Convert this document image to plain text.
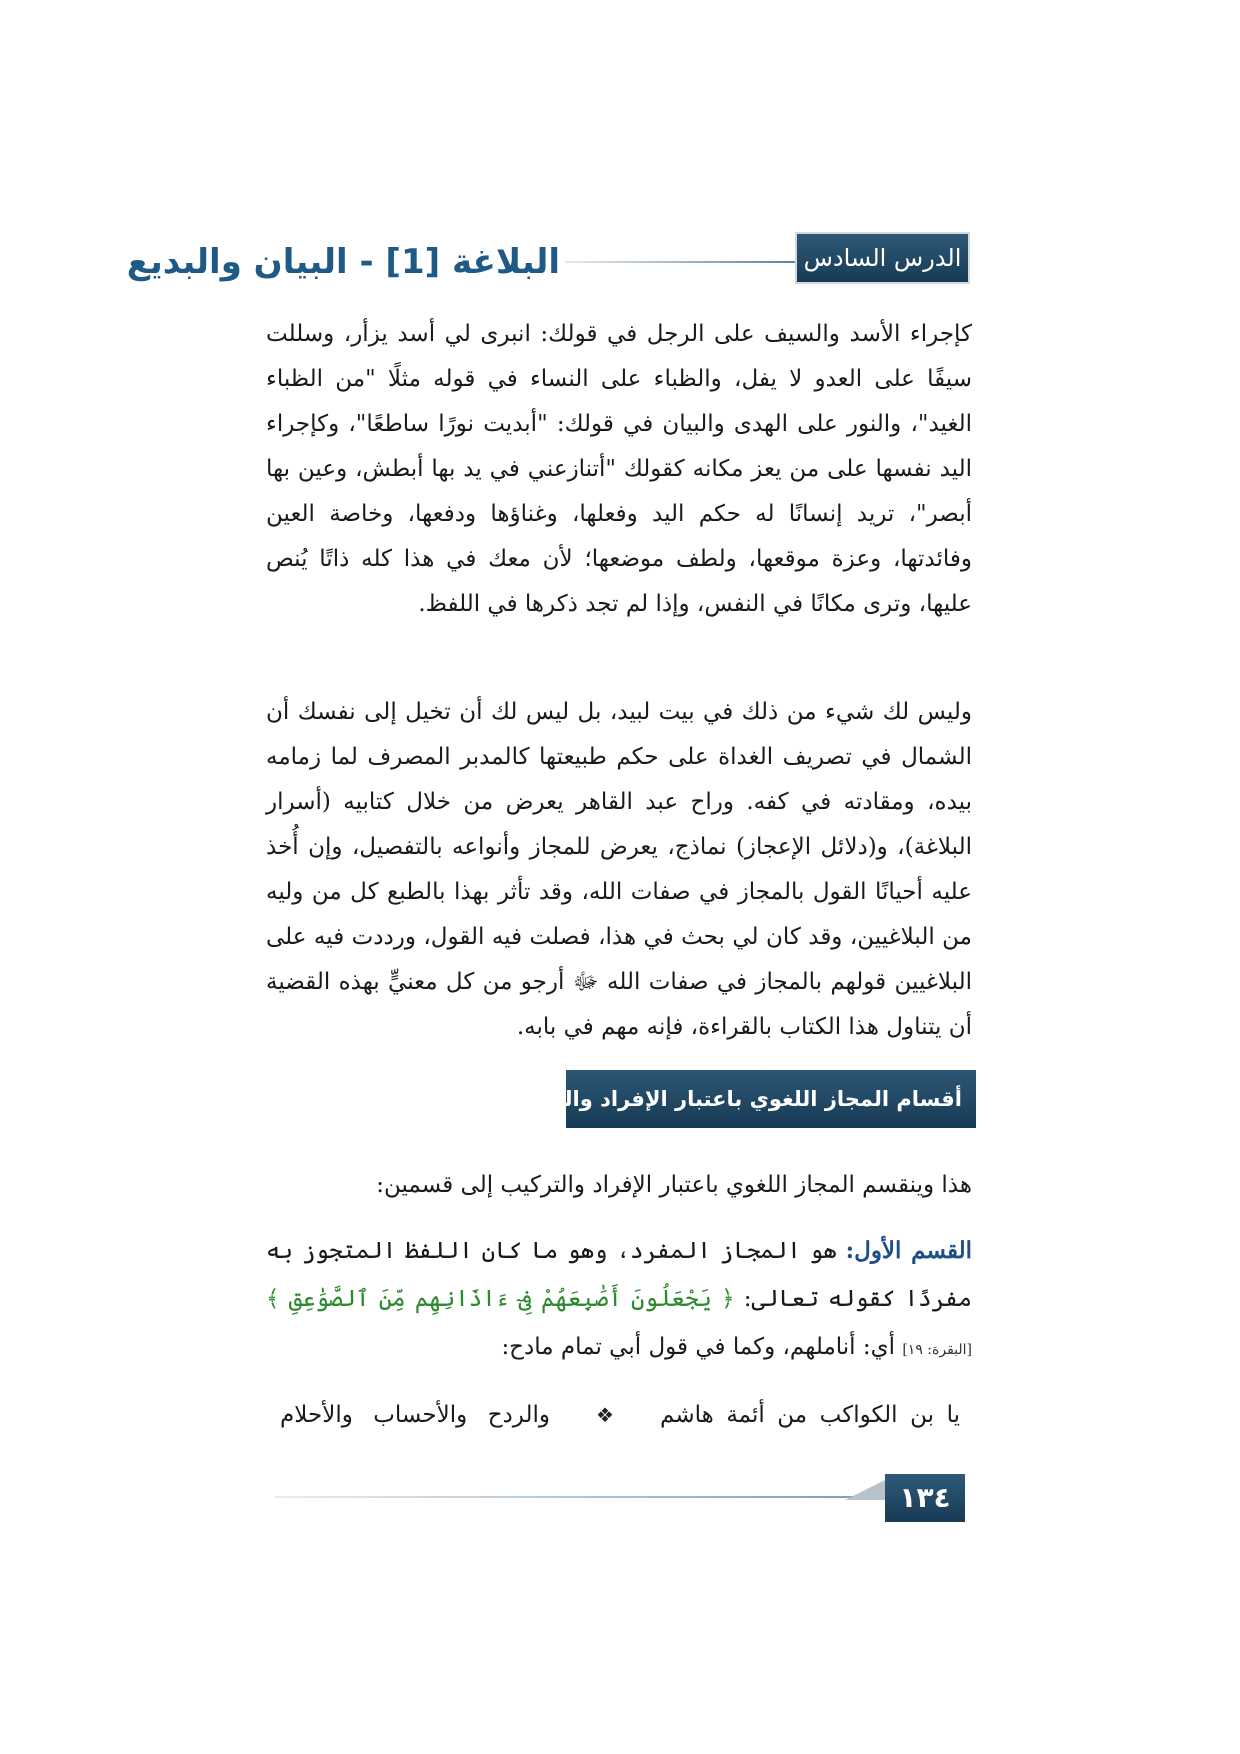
الدرس السادس
البلاغة [1] - البيان والبديع

كإجراء الأسد والسيف على الرجل في قولك: انبرى لي أسد يزأر، وسللت سيفًا على العدو لا يفل، والظباء على النساء في قوله مثلًا "من الظباء الغيد"، والنور على الهدى والبيان في قولك: "أبديت نورًا ساطعًا"، وكإجراء اليد نفسها على من يعز مكانه كقولك "أتنازعني في يد بها أبطش، وعين بها أبصر"، تريد إنسانًا له حكم اليد وفعلها، وغناؤها ودفعها، وخاصة العين وفائدتها، وعزة موقعها، ولطف موضعها؛ لأن معك في هذا كله ذاتًا يُنص عليها، وترى مكانًا في النفس، وإذا لم تجد ذكرها في اللفظ.

وليس لك شيء من ذلك في بيت لبيد، بل ليس لك أن تخيل إلى نفسك أن الشمال في تصريف الغداة على حكم طبيعتها كالمدبر المصرف لما زمامه بيده، ومقادته في كفه. وراح عبد القاهر يعرض من خلال كتابيه (أسرار البلاغة)، و(دلائل الإعجاز) نماذج، يعرض للمجاز وأنواعه بالتفصيل، وإن أُخذ عليه أحيانًا القول بالمجاز في صفات الله، وقد تأثر بهذا بالطبع كل من وليه من البلاغيين، وقد كان لي بحث في هذا، فصلت فيه القول، ورددت فيه على البلاغيين قولهم بالمجاز في صفات الله ﷻ أرجو من كل معنيٍّ بهذه القضية أن يتناول هذا الكتاب بالقراءة، فإنه مهم في بابه.

أقسام المجاز اللغوي باعتبار الإفراد والتركيب
هذا وينقسم المجاز اللغوي باعتبار الإفراد والتركيب إلى قسمين:
القسم الأول: هو المجاز المفرد، وهو ما كان اللفظ المتجوز به مفردًا كقوله تعالى: ﴿ يَجْعَلُونَ أَصَٰبِعَهُمْ فِىٓ ءَاذَانِهِم مِّنَ ٱلصَّوَٰعِقِ ﴾ [البقرة: ١٩] أي: أناملهم، وكما في قول أبي تمام مادح:
يا
بن
الكواكب
من
أئمة
هاشم
❖
والردح
والأحساب
والأحلام
١٣٤
